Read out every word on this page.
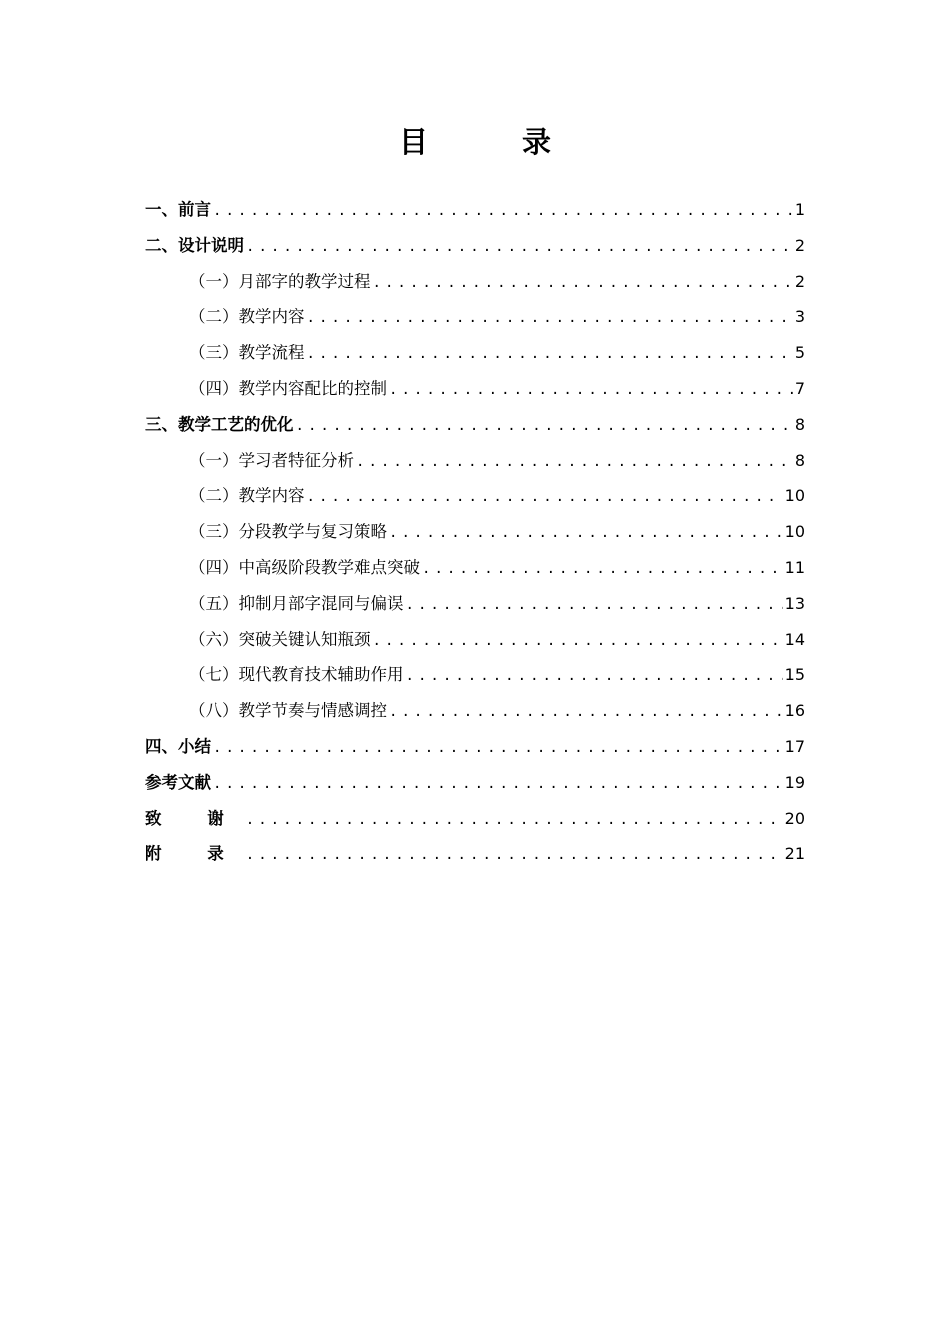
目 录
一、前言 . . .	1
二、设计说明 . . .	2
（一）月部字的教学过程 . . .	2
（二）教学内容 . . .	3
（三）教学流程 . . .	5
（四）教学内容配比的控制 . . .	7
三、教学工艺的优化 . . .	8
（一）学习者特征分析 . . .	8
（二）教学内容 . . .	10
（三）分段教学与复习策略 . . .	10
（四）中高级阶段教学难点突破 . . .	11
（五）抑制月部字混同与偏误 . . .	13
（六）突破关键认知瓶颈 . . .	14
（七）现代教育技术辅助作用 . . .	15
（八）教学节奏与情感调控 . . .	16
四、小结 . . .	17
参考文献 . . .	19
致 谢 . . .	20
附 录 . . .	21
